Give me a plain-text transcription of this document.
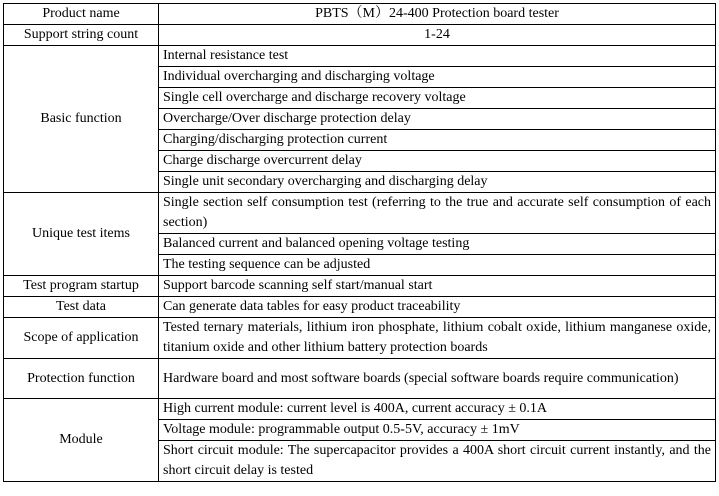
Product name	PBTS（M）24-400 Protection board tester
Support string count	1-24
Basic function	Internal resistance test
	Individual overcharging and discharging voltage
	Single cell overcharge and discharge recovery voltage
	Overcharge/Over discharge protection delay
	Charging/discharging protection current
	Charge discharge overcurrent delay
	Single unit secondary overcharging and discharging delay
Unique test items	Single section self consumption test (referring to the true and accurate self consumption of each section)
	Balanced current and balanced opening voltage testing
	The testing sequence can be adjusted
Test program startup	Support barcode scanning self start/manual start
Test data	Can generate data tables for easy product traceability
Scope of application	Tested ternary materials, lithium iron phosphate, lithium cobalt oxide, lithium manganese oxide, titanium oxide and other lithium battery protection boards
Protection function	Hardware board and most software boards (special software boards require communication)
Module	High current module: current level is 400A, current accuracy ± 0.1A
	Voltage module: programmable output 0.5-5V, accuracy ± 1mV
	Short circuit module: The supercapacitor provides a 400A short circuit current instantly, and the short circuit delay is tested
